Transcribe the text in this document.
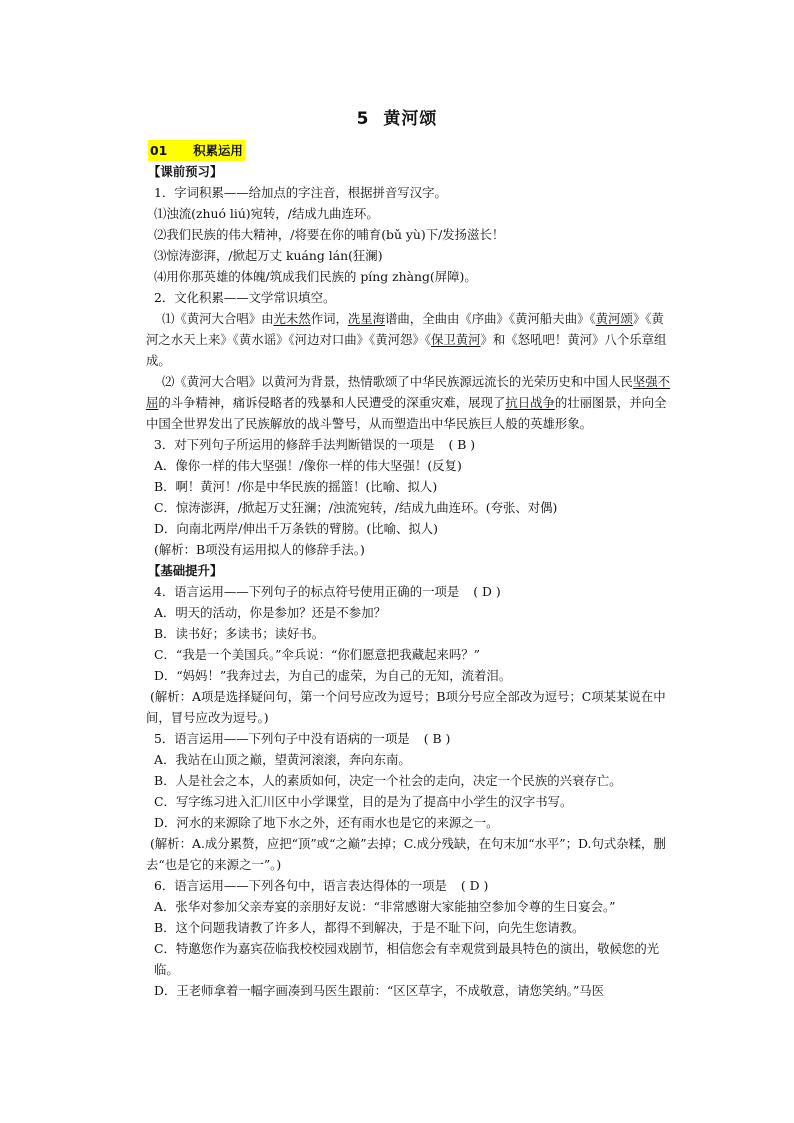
5 黄河颂
01 积累运用
【课前预习】
1．字词积累——给加点的字注音，根据拼音写汉字。
⑴浊流(zhuó liú)宛转，/结成九曲连环。
⑵我们民族的伟大精神，/将要在你的哺育(bǔ yù)下/发扬滋长！
⑶惊涛澎湃，/掀起万丈 kuáng lán(狂澜)
⑷用你那英雄的体魄/筑成我们民族的 píng zhàng(屏障)。
2．文化积累——文学常识填空。
⑴《黄河大合唱》由光未然作词，冼星海谱曲，全曲由《序曲》《黄河船夫曲》《黄河颂》《黄河之水天上来》《黄水谣》《河边对口曲》《黄河怨》《保卫黄河》和《怒吼吧！黄河》八个乐章组成。
⑵《黄河大合唱》以黄河为背景，热情歌颂了中华民族源远流长的光荣历史和中国人民坚强不屈的斗争精神，痛诉侵略者的残暴和人民遭受的深重灾难，展现了抗日战争的壮丽图景，并向全中国全世界发出了民族解放的战斗警号，从而塑造出中华民族巨人般的英雄形象。
3．对下列句子所运用的修辞手法判断错误的一项是 ( B )
A．像你一样的伟大坚强！/像你一样的伟大坚强！(反复)
B．啊！黄河！/你是中华民族的摇篮！(比喻、拟人)
C．惊涛澎湃，/掀起万丈狂澜；/浊流宛转，/结成九曲连环。(夸张、对偶)
D．向南北两岸/伸出千万条铁的臂膀。(比喻、拟人)
(解析：B项没有运用拟人的修辞手法。)
【基础提升】
4．语言运用——下列句子的标点符号使用正确的一项是 ( D )
A．明天的活动，你是参加？还是不参加？
B．读书好；多读书；读好书。
C．“我是一个美国兵。”伞兵说：“你们愿意把我藏起来吗？”
D．“妈妈！”我奔过去，为自己的虚荣，为自己的无知，流着泪。
(解析：A项是选择疑问句，第一个问号应改为逗号；B项分号应全部改为逗号；C项某某说在中间，冒号应改为逗号。)
5．语言运用——下列句子中没有语病的一项是 ( B )
A．我站在山顶之巅，望黄河滚滚，奔向东南。
B．人是社会之本，人的素质如何，决定一个社会的走向，决定一个民族的兴衰存亡。
C．写字练习进入汇川区中小学课堂，目的是为了提高中小学生的汉字书写。
D．河水的来源除了地下水之外，还有雨水也是它的来源之一。
(解析：A.成分累赘，应把“顶”或“之巅”去掉；C.成分残缺，在句末加“水平”；D.句式杂糅，删去“也是它的来源之一”。)
6．语言运用——下列各句中，语言表达得体的一项是 ( D )
A．张华对参加父亲寿宴的亲朋好友说：“非常感谢大家能抽空参加令尊的生日宴会。”
B．这个问题我请教了许多人，都得不到解决，于是不耻下问，向先生您请教。
C．特邀您作为嘉宾莅临我校校园戏剧节，相信您会有幸观赏到最具特色的演出，敬候您的光临。
D．王老师拿着一幅字画凑到马医生跟前：“区区草字，不成敬意，请您笑纳。”马医
